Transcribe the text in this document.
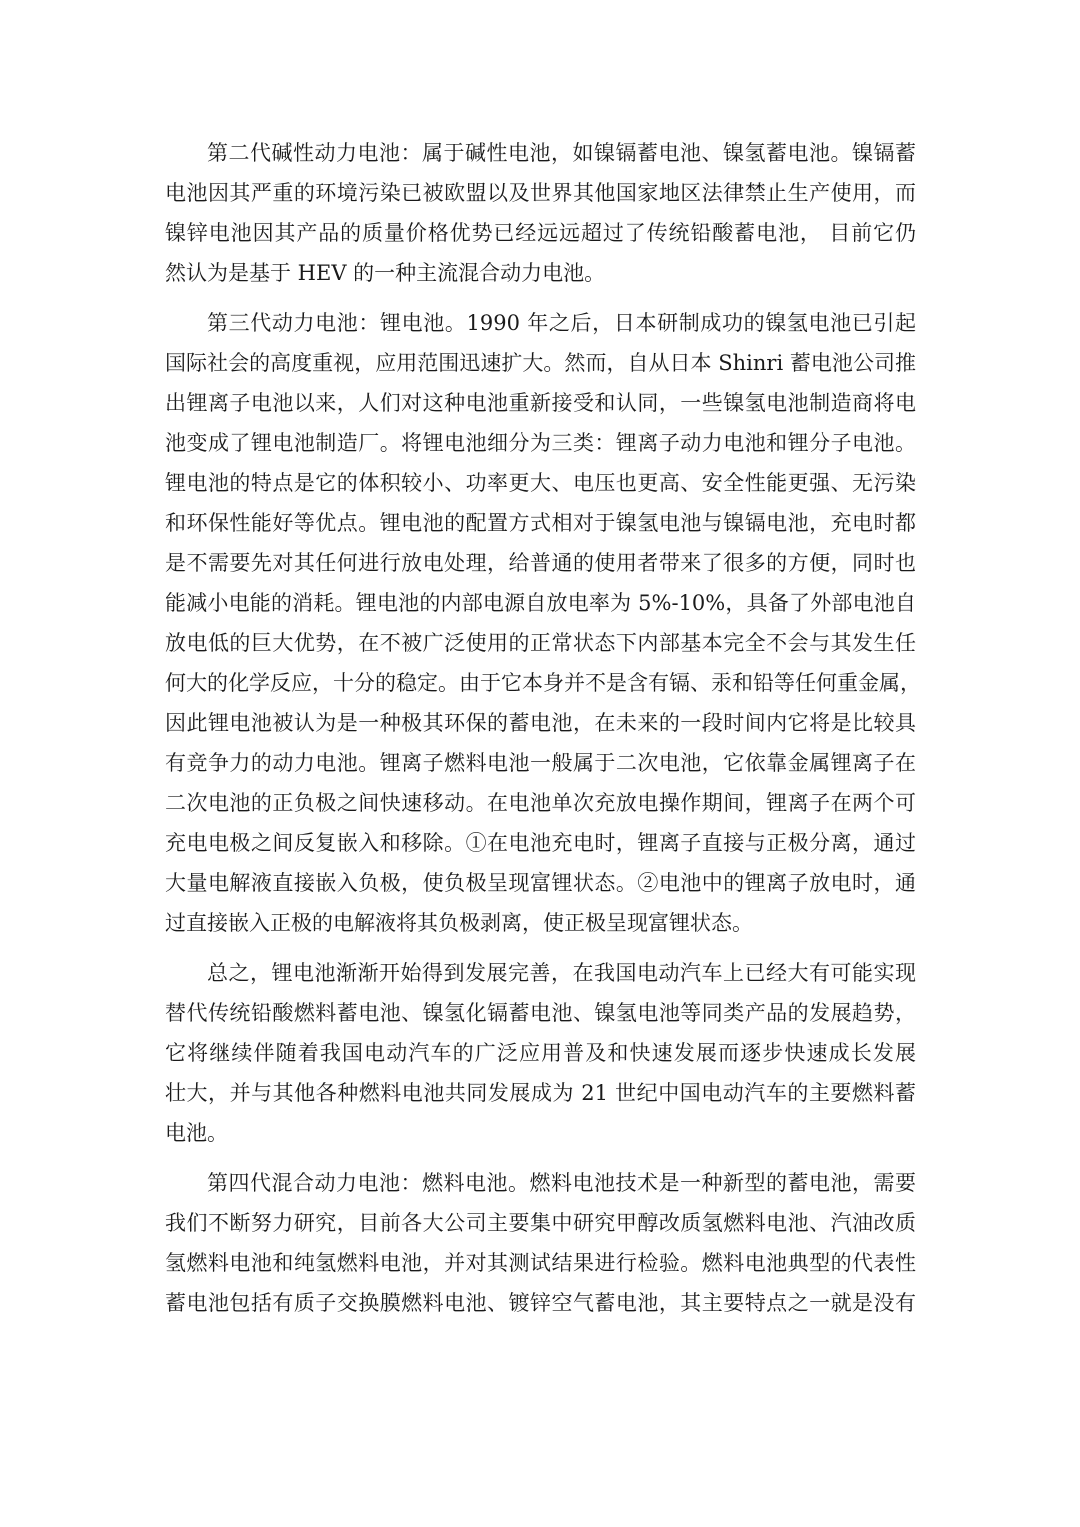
第二代碱性动力电池：属于碱性电池，如镍镉蓄电池、镍氢蓄电池。镍镉蓄
电池因其严重的环境污染已被欧盟以及世界其他国家地区法律禁止生产使用，而
镍锌电池因其产品的质量价格优势已经远远超过了传统铅酸蓄电池， 目前它仍
然认为是基于 HEV 的一种主流混合动力电池。
第三代动力电池：锂电池。1990 年之后，日本研制成功的镍氢电池已引起
国际社会的高度重视，应用范围迅速扩大。然而，自从日本 Shinri 蓄电池公司推
出锂离子电池以来，人们对这种电池重新接受和认同，一些镍氢电池制造商将电
池变成了锂电池制造厂。将锂电池细分为三类：锂离子动力电池和锂分子电池。
锂电池的特点是它的体积较小、功率更大、电压也更高、安全性能更强、无污染
和环保性能好等优点。锂电池的配置方式相对于镍氢电池与镍镉电池，充电时都
是不需要先对其任何进行放电处理，给普通的使用者带来了很多的方便，同时也
能减小电能的消耗。锂电池的内部电源自放电率为 5%-10%，具备了外部电池自
放电低的巨大优势，在不被广泛使用的正常状态下内部基本完全不会与其发生任
何大的化学反应，十分的稳定。由于它本身并不是含有镉、汞和铅等任何重金属，
因此锂电池被认为是一种极其环保的蓄电池，在未来的一段时间内它将是比较具
有竞争力的动力电池。锂离子燃料电池一般属于二次电池，它依靠金属锂离子在
二次电池的正负极之间快速移动。在电池单次充放电操作期间，锂离子在两个可
充电电极之间反复嵌入和移除。①在电池充电时，锂离子直接与正极分离，通过
大量电解液直接嵌入负极，使负极呈现富锂状态。②电池中的锂离子放电时，通
过直接嵌入正极的电解液将其负极剥离，使正极呈现富锂状态。
总之，锂电池渐渐开始得到发展完善，在我国电动汽车上已经大有可能实现
替代传统铅酸燃料蓄电池、镍氢化镉蓄电池、镍氢电池等同类产品的发展趋势，
它将继续伴随着我国电动汽车的广泛应用普及和快速发展而逐步快速成长发展
壮大，并与其他各种燃料电池共同发展成为 21 世纪中国电动汽车的主要燃料蓄
电池。
第四代混合动力电池：燃料电池。燃料电池技术是一种新型的蓄电池，需要
我们不断努力研究，目前各大公司主要集中研究甲醇改质氢燃料电池、汽油改质
氢燃料电池和纯氢燃料电池，并对其测试结果进行检验。燃料电池典型的代表性
蓄电池包括有质子交换膜燃料电池、镀锌空气蓄电池，其主要特点之一就是没有
